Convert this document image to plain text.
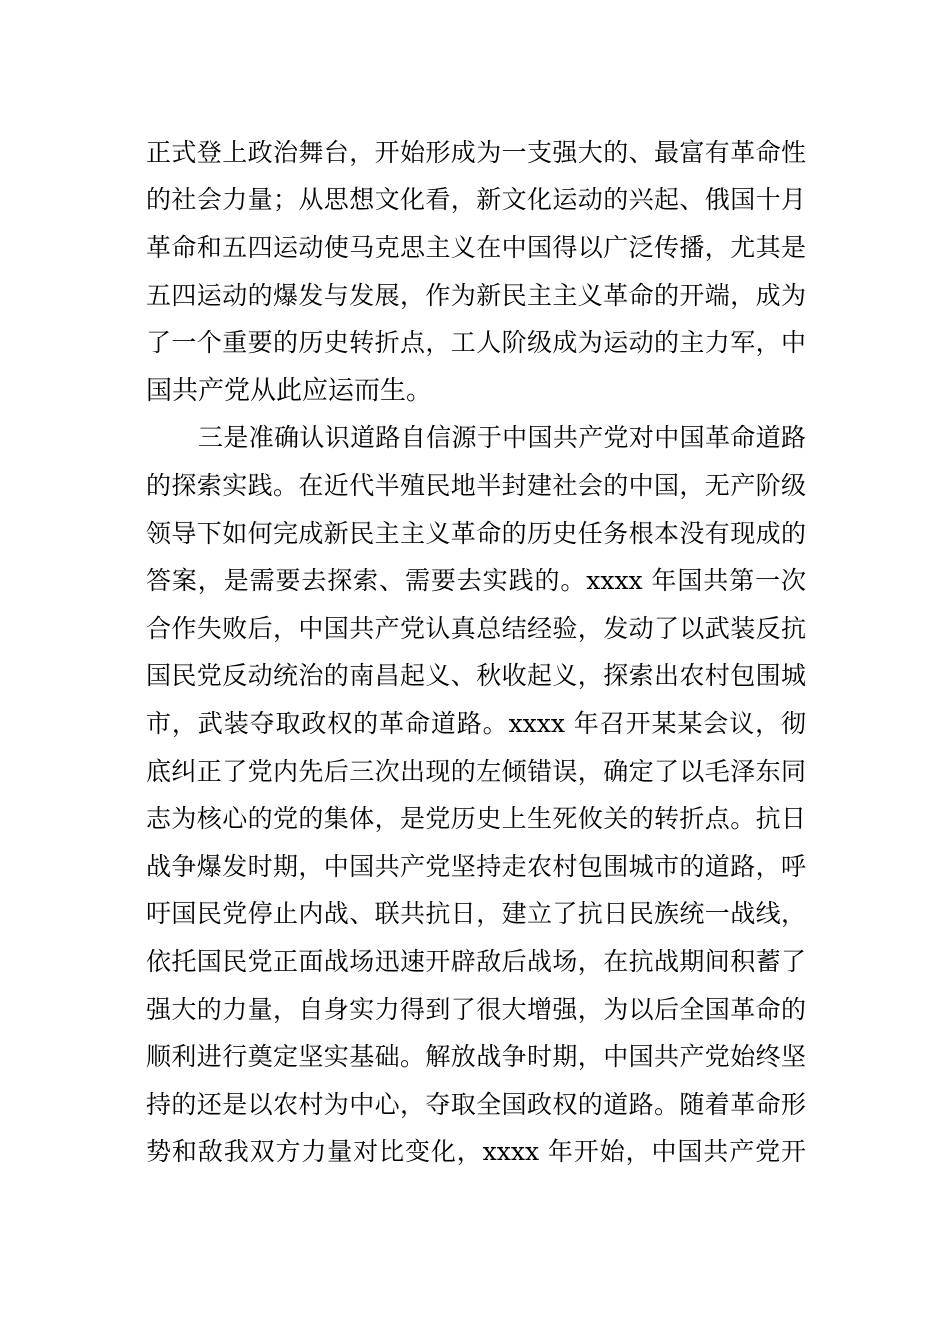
正式登上政治舞台，开始形成为一支强大的、最富有革命性
的社会力量；从思想文化看，新文化运动的兴起、俄国十月
革命和五四运动使马克思主义在中国得以广泛传播，尤其是
五四运动的爆发与发展，作为新民主主义革命的开端，成为
了一个重要的历史转折点，工人阶级成为运动的主力军，中
国共产党从此应运而生。
三是准确认识道路自信源于中国共产党对中国革命道路
的探索实践。在近代半殖民地半封建社会的中国，无产阶级
领导下如何完成新民主主义革命的历史任务根本没有现成的
答案，是需要去探索、需要去实践的。xxxx 年国共第一次
合作失败后，中国共产党认真总结经验，发动了以武装反抗
国民党反动统治的南昌起义、秋收起义，探索出农村包围城
市，武装夺取政权的革命道路。xxxx 年召开某某会议，彻
底纠正了党内先后三次出现的左倾错误，确定了以毛泽东同
志为核心的党的集体，是党历史上生死攸关的转折点。抗日
战争爆发时期，中国共产党坚持走农村包围城市的道路，呼
吁国民党停止内战、联共抗日，建立了抗日民族统一战线，
依托国民党正面战场迅速开辟敌后战场，在抗战期间积蓄了
强大的力量，自身实力得到了很大增强，为以后全国革命的
顺利进行奠定坚实基础。解放战争时期，中国共产党始终坚
持的还是以农村为中心，夺取全国政权的道路。随着革命形
势和敌我双方力量对比变化，xxxx 年开始，中国共产党开
